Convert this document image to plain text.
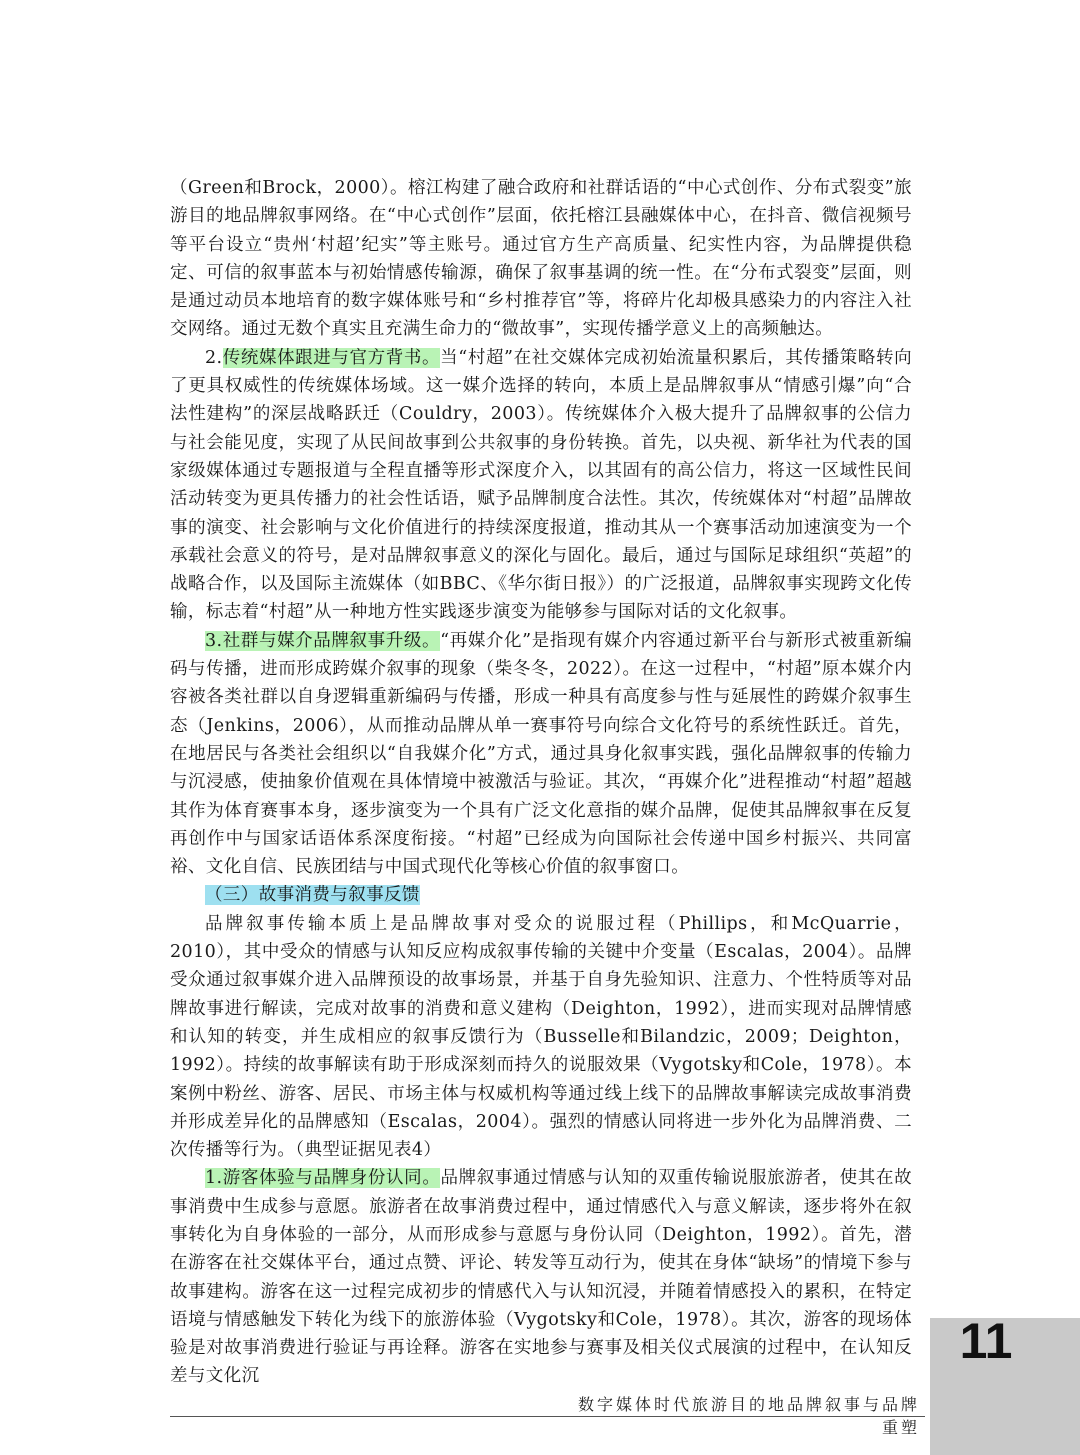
（Green和Brock，2000）。榕江构建了融合政府和社群话语的“中心式创作、分布式裂变”旅游目的地品牌叙事网络。在“中心式创作”层面，依托榕江县融媒体中心，在抖音、微信视频号等平台设立“贵州‘村超’纪实”等主账号。通过官方生产高质量、纪实性内容，为品牌提供稳定、可信的叙事蓝本与初始情感传输源，确保了叙事基调的统一性。在“分布式裂变”层面，则是通过动员本地培育的数字媒体账号和“乡村推荐官”等，将碎片化却极具感染力的内容注入社交网络。通过无数个真实且充满生命力的“微故事”，实现传播学意义上的高频触达。

2.传统媒体跟进与官方背书。当“村超”在社交媒体完成初始流量积累后，其传播策略转向了更具权威性的传统媒体场域。这一媒介选择的转向，本质上是品牌叙事从“情感引爆”向“合法性建构”的深层战略跃迁（Couldry，2003）。传统媒体介入极大提升了品牌叙事的公信力与社会能见度，实现了从民间故事到公共叙事的身份转换。首先，以央视、新华社为代表的国家级媒体通过专题报道与全程直播等形式深度介入，以其固有的高公信力，将这一区域性民间活动转变为更具传播力的社会性话语，赋予品牌制度合法性。其次，传统媒体对“村超”品牌故事的演变、社会影响与文化价值进行的持续深度报道，推动其从一个赛事活动加速演变为一个承载社会意义的符号，是对品牌叙事意义的深化与固化。最后，通过与国际足球组织“英超”的战略合作，以及国际主流媒体（如BBC、《华尔街日报》）的广泛报道，品牌叙事实现跨文化传输，标志着“村超”从一种地方性实践逐步演变为能够参与国际对话的文化叙事。

3.社群与媒介品牌叙事升级。“再媒介化”是指现有媒介内容通过新平台与新形式被重新编码与传播，进而形成跨媒介叙事的现象（柴冬冬，2022）。在这一过程中，“村超”原本媒介内容被各类社群以自身逻辑重新编码与传播，形成一种具有高度参与性与延展性的跨媒介叙事生态（Jenkins，2006），从而推动品牌从单一赛事符号向综合文化符号的系统性跃迁。首先，在地居民与各类社会组织以“自我媒介化”方式，通过具身化叙事实践，强化品牌叙事的传输力与沉浸感，使抽象价值观在具体情境中被激活与验证。其次，“再媒介化”进程推动“村超”超越其作为体育赛事本身，逐步演变为一个具有广泛文化意指的媒介品牌，促使其品牌叙事在反复再创作中与国家话语体系深度衔接。“村超”已经成为向国际社会传递中国乡村振兴、共同富裕、文化自信、民族团结与中国式现代化等核心价值的叙事窗口。

（三）故事消费与叙事反馈

品牌叙事传输本质上是品牌故事对受众的说服过程（Phillips，和McQuarrie，2010），其中受众的情感与认知反应构成叙事传输的关键中介变量（Escalas，2004）。品牌受众通过叙事媒介进入品牌预设的故事场景，并基于自身先验知识、注意力、个性特质等对品牌故事进行解读，完成对故事的消费和意义建构（Deighton，1992），进而实现对品牌情感和认知的转变，并生成相应的叙事反馈行为（Busselle和Bilandzic，2009；Deighton，1992）。持续的故事解读有助于形成深刻而持久的说服效果（Vygotsky和Cole，1978）。本案例中粉丝、游客、居民、市场主体与权威机构等通过线上线下的品牌故事解读完成故事消费并形成差异化的品牌感知（Escalas，2004）。强烈的情感认同将进一步外化为品牌消费、二次传播等行为。（典型证据见表4）

1.游客体验与品牌身份认同。品牌叙事通过情感与认知的双重传输说服旅游者，使其在故事消费中生成参与意愿。旅游者在故事消费过程中，通过情感代入与意义解读，逐步将外在叙事转化为自身体验的一部分，从而形成参与意愿与身份认同（Deighton，1992）。首先，潜在游客在社交媒体平台，通过点赞、评论、转发等互动行为，使其在身体“缺场”的情境下参与故事建构。游客在这一过程完成初步的情感代入与认知沉浸，并随着情感投入的累积，在特定语境与情感触发下转化为线下的旅游体验（Vygotsky和Cole，1978）。其次，游客的现场体验是对故事消费进行验证与再诠释。游客在实地参与赛事及相关仪式展演的过程中，在认知反差与文化沉

11
数字媒体时代旅游目的地品牌叙事与品牌重塑
